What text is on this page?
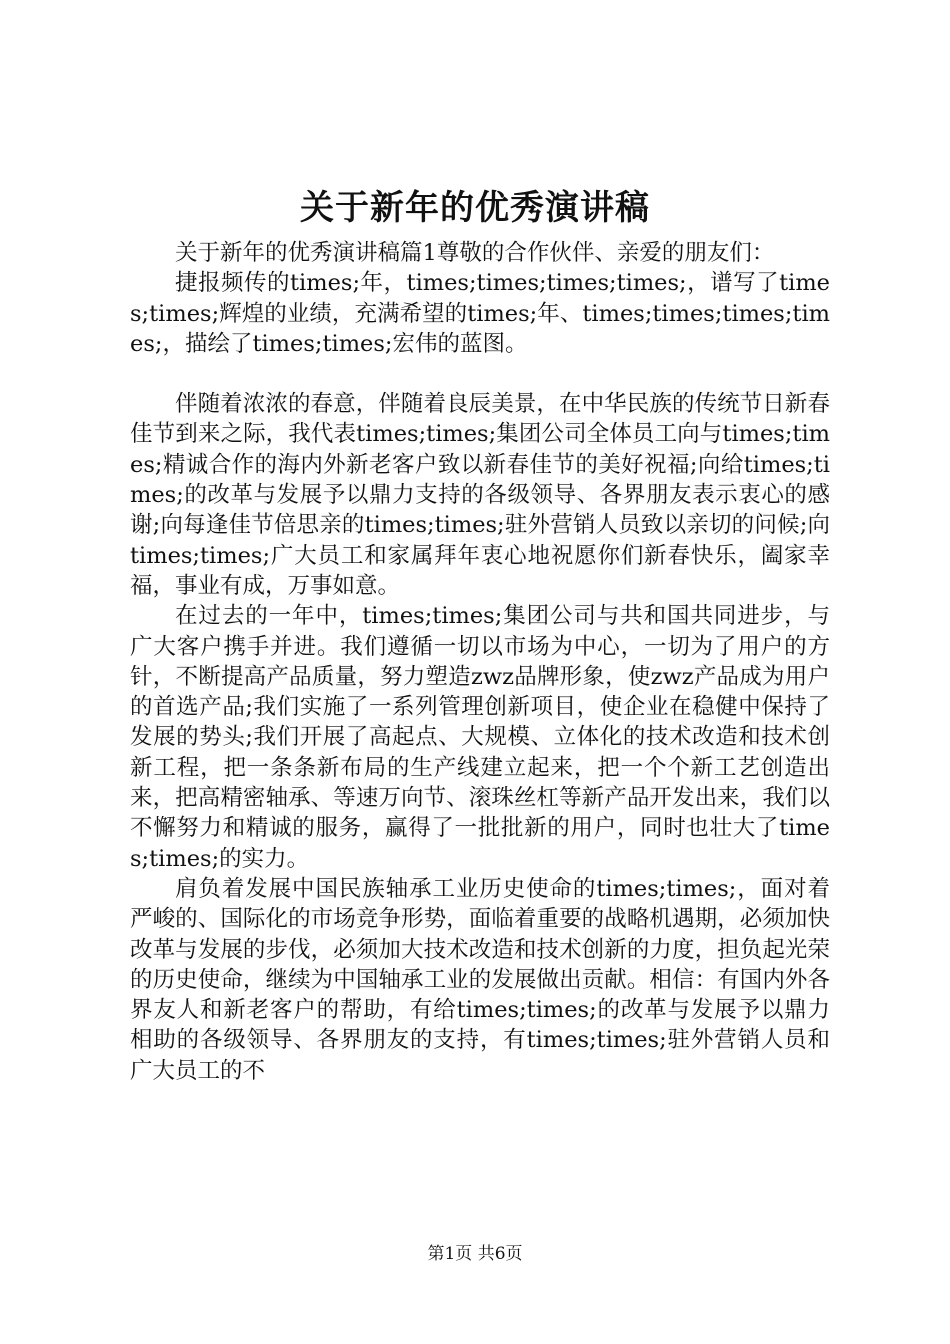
关于新年的优秀演讲稿

关于新年的优秀演讲稿篇1尊敬的合作伙伴、亲爱的朋友们：

捷报频传的times;年，times;times;times;times;，谱写了times;times;辉煌的业绩，充满希望的times;年、times;times;times;times;，描绘了times;times;宏伟的蓝图。

伴随着浓浓的春意，伴随着良辰美景，在中华民族的传统节日新春佳节到来之际，我代表times;times;集团公司全体员工向与times;times;精诚合作的海内外新老客户致以新春佳节的美好祝福;向给times;times;的改革与发展予以鼎力支持的各级领导、各界朋友表示衷心的感谢;向每逢佳节倍思亲的times;times;驻外营销人员致以亲切的问候;向times;times;广大员工和家属拜年衷心地祝愿你们新春快乐，阖家幸福，事业有成，万事如意。

在过去的一年中，times;times;集团公司与共和国共同进步，与广大客户携手并进。我们遵循一切以市场为中心，一切为了用户的方针，不断提高产品质量，努力塑造zwz品牌形象，使zwz产品成为用户的首选产品;我们实施了一系列管理创新项目，使企业在稳健中保持了发展的势头;我们开展了高起点、大规模、立体化的技术改造和技术创新工程，把一条条新布局的生产线建立起来，把一个个新工艺创造出来，把高精密轴承、等速万向节、滚珠丝杠等新产品开发出来，我们以不懈努力和精诚的服务，赢得了一批批新的用户，同时也壮大了times;times;的实力。

肩负着发展中国民族轴承工业历史使命的times;times;，面对着严峻的、国际化的市场竞争形势，面临着重要的战略机遇期，必须加快改革与发展的步伐，必须加大技术改造和技术创新的力度，担负起光荣的历史使命，继续为中国轴承工业的发展做出贡献。相信：有国内外各界友人和新老客户的帮助，有给times;times;的改革与发展予以鼎力相助的各级领导、各界朋友的支持，有times;times;驻外营销人员和广大员工的不

第1页 共6页
